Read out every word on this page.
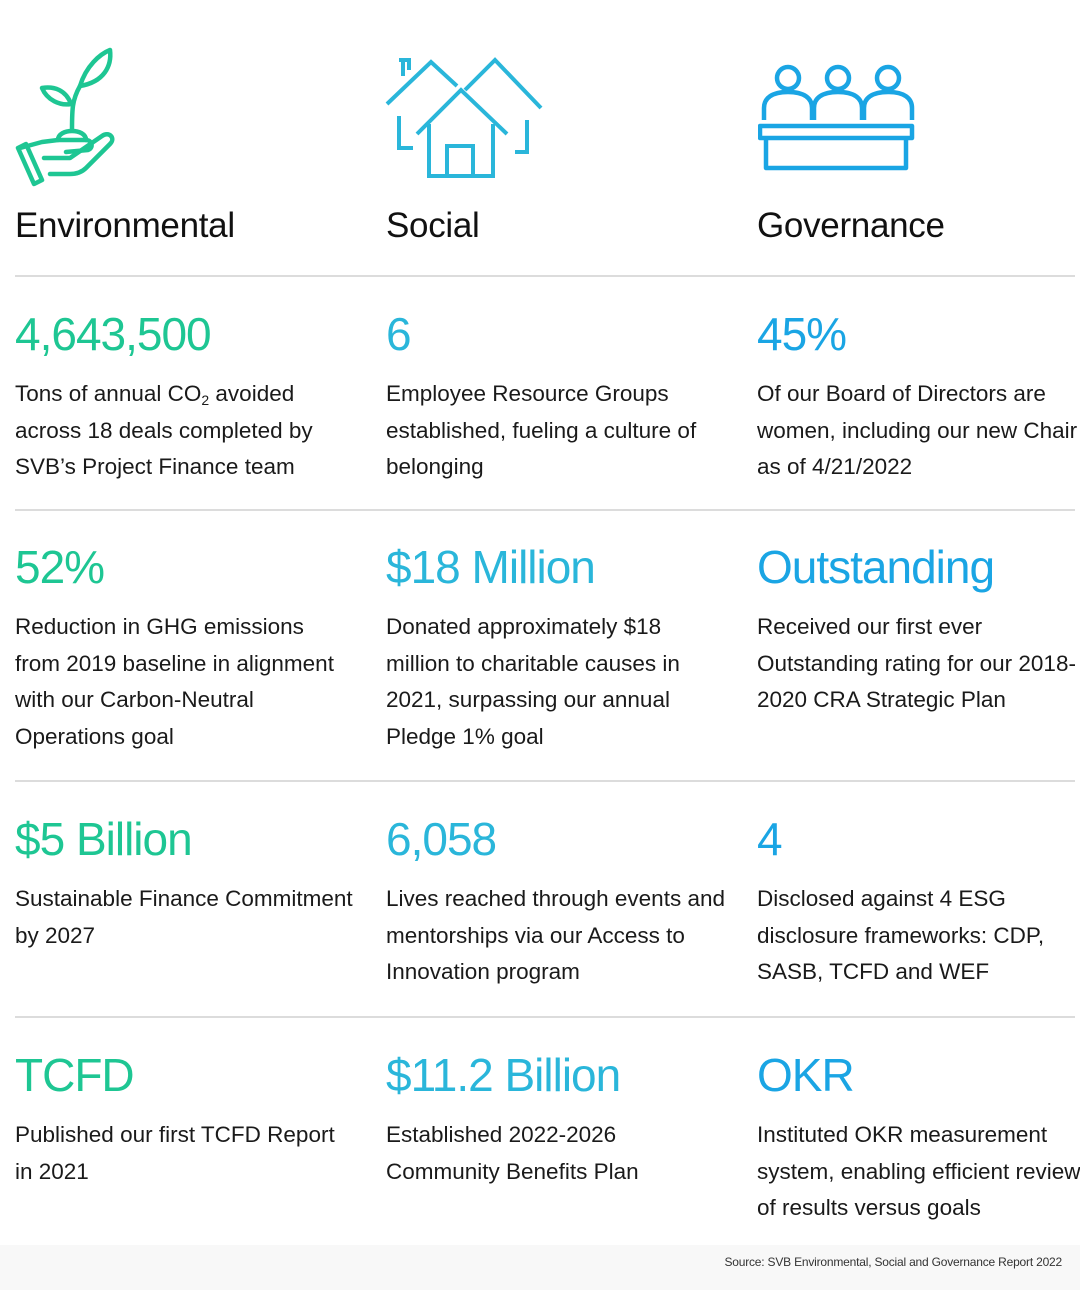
Environmental	Social	Governance
4,643,500
Tons of annual $CO_2$ avoided across 18 deals completed by SVB’s Project Finance team
6
Employee Resource Groups established, fueling a culture of belonging
45%
Of our Board of Directors are women, including our new Chair as of 4/21/2022
52%
Reduction in GHG emissions from 2019 baseline in alignment with our Carbon-Neutral Operations goal
$18 Million
Donated approximately $18 million to charitable causes in 2021, surpassing our annual Pledge 1% goal
Outstanding
Received our first ever Outstanding rating for our 2018-2020 CRA Strategic Plan
$5 Billion
Sustainable Finance Commitment by 2027
6,058
Lives reached through events and mentorships via our Access to Innovation program
4
Disclosed against 4 ESG disclosure frameworks: CDP, SASB, TCFD and WEF
TCFD
Published our first TCFD Report in 2021
$11.2 Billion
Established 2022-2026 Community Benefits Plan
OKR
Instituted OKR measurement system, enabling efficient review of results versus goals
Source: SVB Environmental, Social and Governance Report 2022
